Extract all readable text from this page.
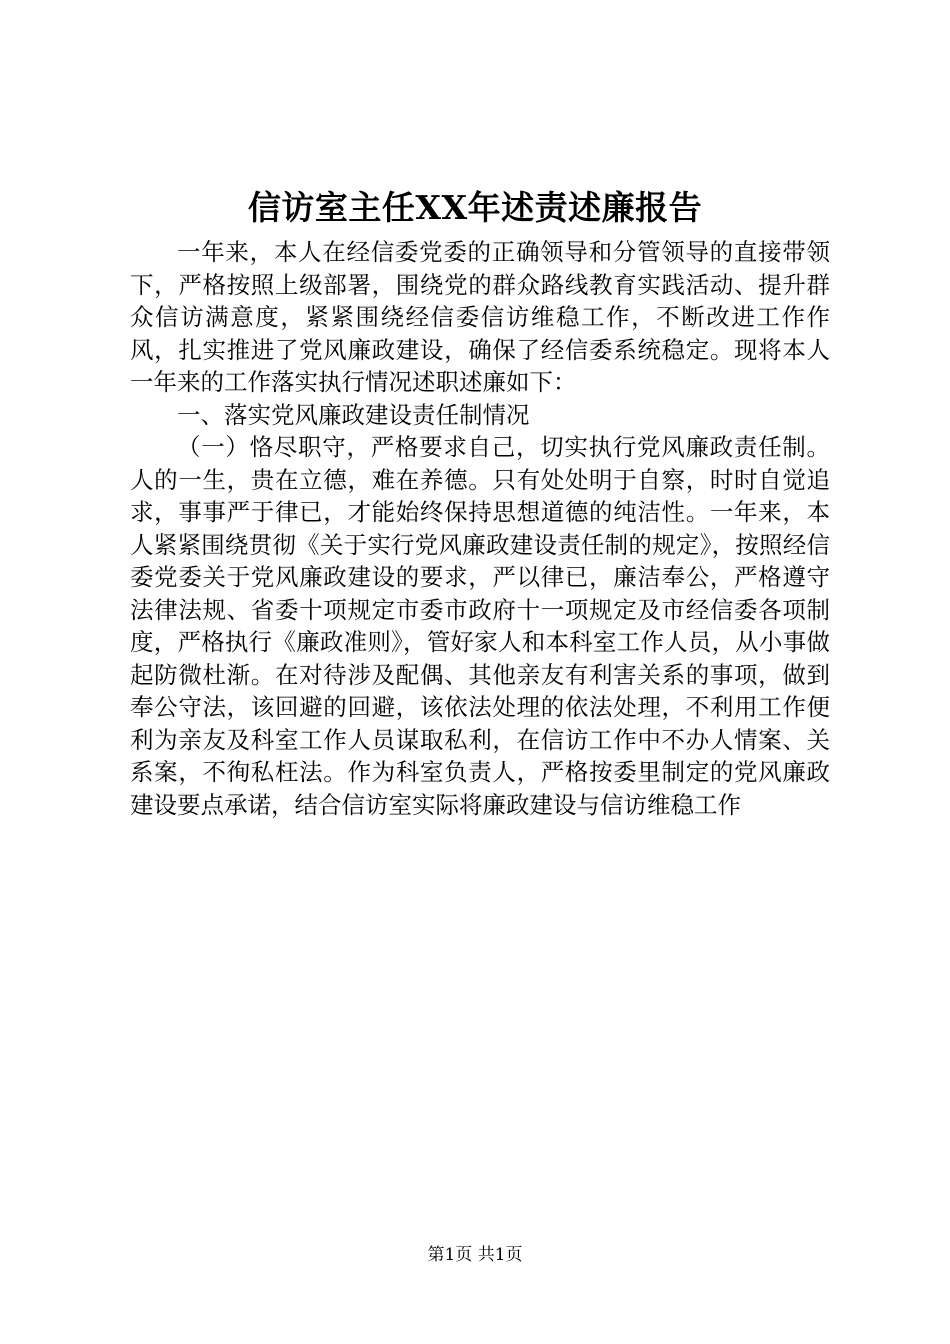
信访室主任XX年述责述廉报告

一年来，本人在经信委党委的正确领导和分管领导的直接带领下，严格按照上级部署，围绕党的群众路线教育实践活动、提升群众信访满意度，紧紧围绕经信委信访维稳工作，不断改进工作作风，扎实推进了党风廉政建设，确保了经信委系统稳定。现将本人一年来的工作落实执行情况述职述廉如下：

一、落实党风廉政建设责任制情况

（一）恪尽职守，严格要求自己，切实执行党风廉政责任制。人的一生，贵在立德，难在养德。只有处处明于自察，时时自觉追求，事事严于律已，才能始终保持思想道德的纯洁性。一年来，本人紧紧围绕贯彻《关于实行党风廉政建设责任制的规定》，按照经信委党委关于党风廉政建设的要求，严以律已，廉洁奉公，严格遵守法律法规、省委十项规定市委市政府十一项规定及市经信委各项制度，严格执行《廉政准则》，管好家人和本科室工作人员，从小事做起防微杜渐。在对待涉及配偶、其他亲友有利害关系的事项，做到奉公守法，该回避的回避，该依法处理的依法处理，不利用工作便利为亲友及科室工作人员谋取私利，在信访工作中不办人情案、关系案，不徇私枉法。作为科室负责人，严格按委里制定的党风廉政建设要点承诺，结合信访室实际将廉政建设与信访维稳工作

第1页 共1页
